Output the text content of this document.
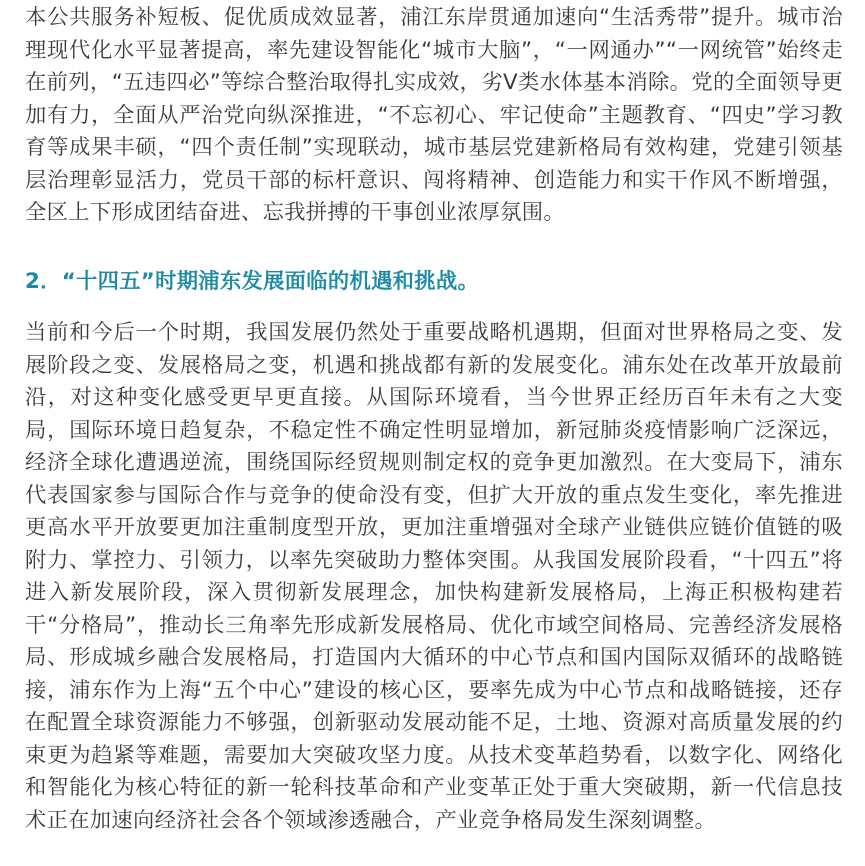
本公共服务补短板、促优质成效显著，浦江东岸贯通加速向“生活秀带”提升。城市治理现代化水平显著提高，率先建设智能化“城市大脑”，“一网通办”“一网统管”始终走在前列，“五违四必”等综合整治取得扎实成效，劣V类水体基本消除。党的全面领导更加有力，全面从严治党向纵深推进，“不忘初心、牢记使命”主题教育、“四史”学习教育等成果丰硕，“四个责任制”实现联动，城市基层党建新格局有效构建，党建引领基层治理彰显活力，党员干部的标杆意识、闯将精神、创造能力和实干作风不断增强，全区上下形成团结奋进、忘我拼搏的干事创业浓厚氛围。

2．“十四五”时期浦东发展面临的机遇和挑战。

当前和今后一个时期，我国发展仍然处于重要战略机遇期，但面对世界格局之变、发展阶段之变、发展格局之变，机遇和挑战都有新的发展变化。浦东处在改革开放最前沿，对这种变化感受更早更直接。从国际环境看，当今世界正经历百年未有之大变局，国际环境日趋复杂，不稳定性不确定性明显增加，新冠肺炎疫情影响广泛深远，经济全球化遭遇逆流，围绕国际经贸规则制定权的竞争更加激烈。在大变局下，浦东代表国家参与国际合作与竞争的使命没有变，但扩大开放的重点发生变化，率先推进更高水平开放要更加注重制度型开放，更加注重增强对全球产业链供应链价值链的吸附力、掌控力、引领力，以率先突破助力整体突围。从我国发展阶段看，“十四五”将进入新发展阶段，深入贯彻新发展理念，加快构建新发展格局，上海正积极构建若干“分格局”，推动长三角率先形成新发展格局、优化市域空间格局、完善经济发展格局、形成城乡融合发展格局，打造国内大循环的中心节点和国内国际双循环的战略链接，浦东作为上海“五个中心”建设的核心区，要率先成为中心节点和战略链接，还存在配置全球资源能力不够强，创新驱动发展动能不足，土地、资源对高质量发展的约束更为趋紧等难题，需要加大突破攻坚力度。从技术变革趋势看，以数字化、网络化和智能化为核心特征的新一轮科技革命和产业变革正处于重大突破期，新一代信息技术正在加速向经济社会各个领域渗透融合，产业竞争格局发生深刻调整。
